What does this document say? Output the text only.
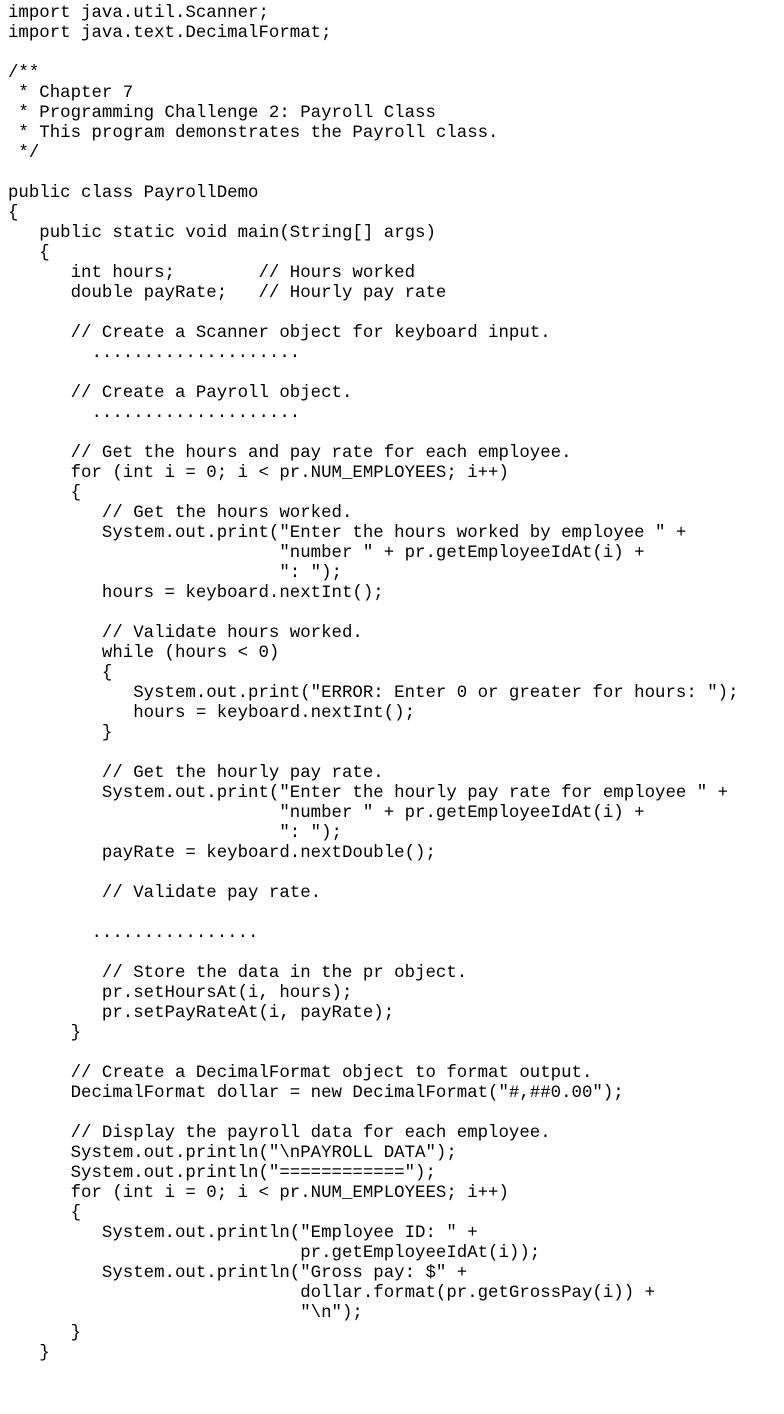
import java.util.Scanner;
import java.text.DecimalFormat;
/**
* Chapter 7
* Programming Challenge 2: Payroll Class
* This program demonstrates the Payroll class.
*/
public class PayrollDemo
{
public static void main(String[] args)
{
int hours;        // Hours worked
double payRate;   // Hourly pay rate
// Create a Scanner object for keyboard input.
....................
// Create a Payroll object.
....................
// Get the hours and pay rate for each employee.
for (int i = 0; i < pr.NUM_EMPLOYEES; i++)
{
// Get the hours worked.
System.out.print("Enter the hours worked by employee " +
"number " + pr.getEmployeeIdAt(i) +
": ");
hours = keyboard.nextInt();
// Validate hours worked.
while (hours < 0)
{
System.out.print("ERROR: Enter 0 or greater for hours: ");
hours = keyboard.nextInt();
}
// Get the hourly pay rate.
System.out.print("Enter the hourly pay rate for employee " +
"number " + pr.getEmployeeIdAt(i) +
": ");
payRate = keyboard.nextDouble();
// Validate pay rate.
................
// Store the data in the pr object.
pr.setHoursAt(i, hours);
pr.setPayRateAt(i, payRate);
}
// Create a DecimalFormat object to format output.
DecimalFormat dollar = new DecimalFormat("#,##0.00");
// Display the payroll data for each employee.
System.out.println("\nPAYROLL DATA");
System.out.println("============");
for (int i = 0; i < pr.NUM_EMPLOYEES; i++)
{
System.out.println("Employee ID: " +
pr.getEmployeeIdAt(i));
System.out.println("Gross pay: $" +
dollar.format(pr.getGrossPay(i)) +
"\n");
}
}
